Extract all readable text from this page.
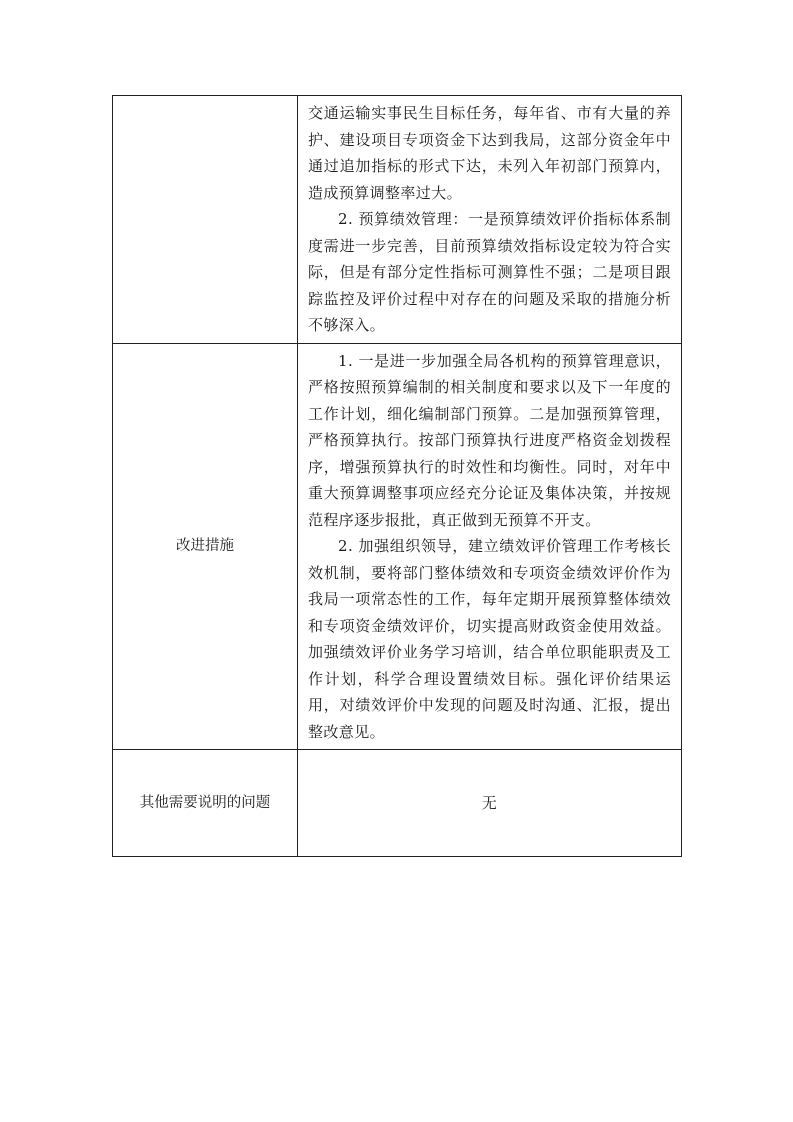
	交通运输实事民生目标任务，每年省、市有大量的养护、建设项目专项资金下达到我局，这部分资金年中通过追加指标的形式下达，未列入年初部门预算内，造成预算调整率过大。

2. 预算绩效管理：一是预算绩效评价指标体系制度需进一步完善，目前预算绩效指标设定较为符合实际，但是有部分定性指标可测算性不强；二是项目跟踪监控及评价过程中对存在的问题及采取的措施分析不够深入。

改进措施	1. 一是进一步加强全局各机构的预算管理意识，严格按照预算编制的相关制度和要求以及下一年度的工作计划，细化编制部门预算。二是加强预算管理，严格预算执行。按部门预算执行进度严格资金划拨程序，增强预算执行的时效性和均衡性。同时，对年中重大预算调整事项应经充分论证及集体决策，并按规范程序逐步报批，真正做到无预算不开支。

2. 加强组织领导，建立绩效评价管理工作考核长效机制，要将部门整体绩效和专项资金绩效评价作为我局一项常态性的工作，每年定期开展预算整体绩效和专项资金绩效评价，切实提高财政资金使用效益。加强绩效评价业务学习培训，结合单位职能职责及工作计划，科学合理设置绩效目标。强化评价结果运用，对绩效评价中发现的问题及时沟通、汇报，提出整改意见。

其他需要说明的问题	无
